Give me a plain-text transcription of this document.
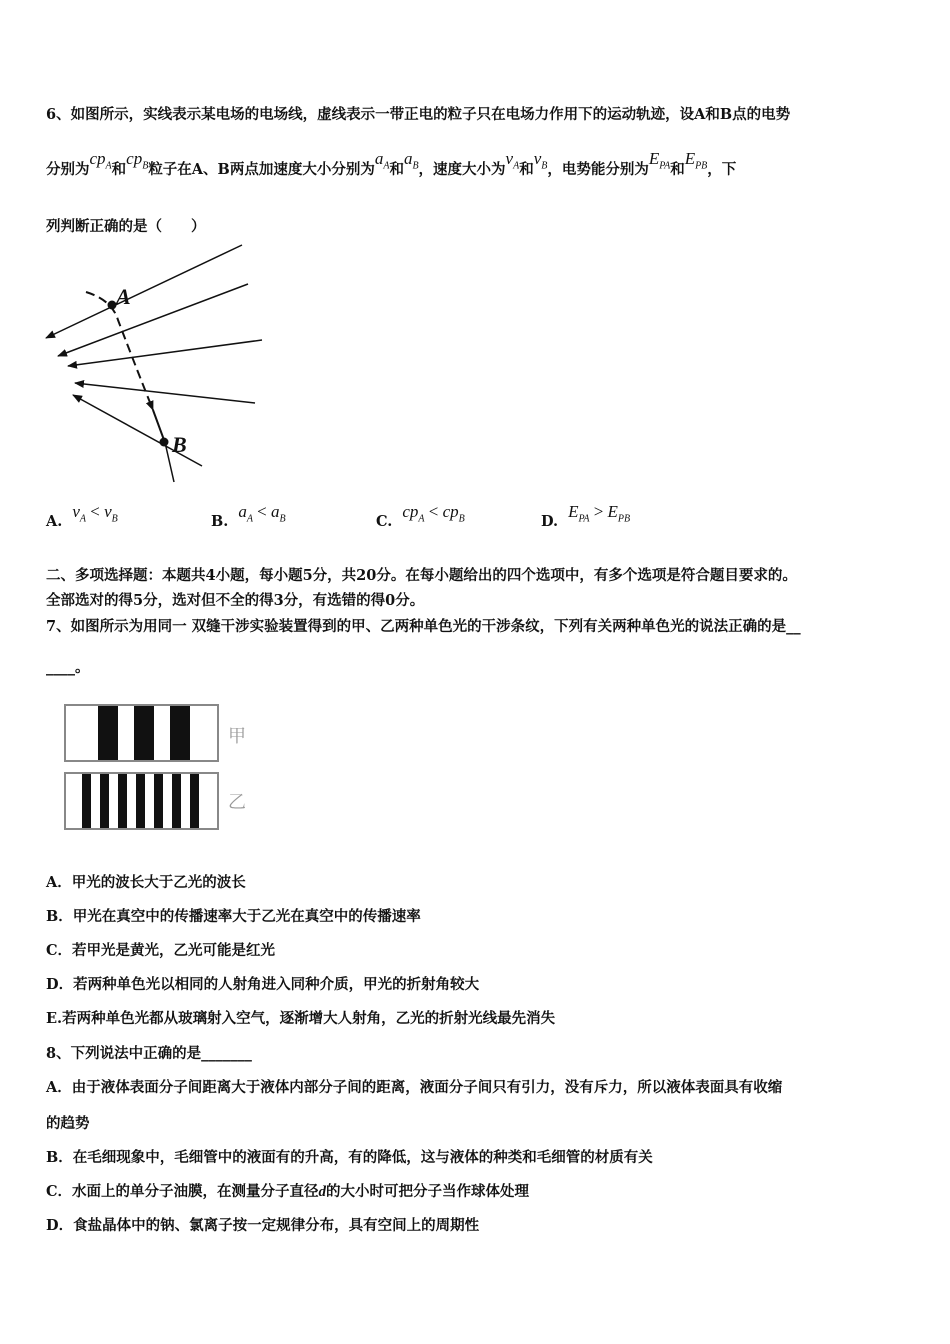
6、如图所示，实线表示某电场的电场线，虚线表示一带正电的粒子只在电场力作用下的运动轨迹，设A和B点的电势
分别为$cp_A$和$cp_B$粒子在A、B两点加速度大小分别为$a_A$和$a_B$，速度大小为$v_A$和$v_B$，电势能分别为$E_{PA}$和$E_{PB}$，下
列判断正确的是（　　）
A
B
$A.v_A < v_B$	$B.a_A < a_B$	$C.cp_A < cp_B$	$D.E_{PA} > E_{PB}$
二、多项选择题：本题共4小题，每小题5分，共20分。在每小题给出的四个选项中，有多个选项是符合题目要求的。
全部选对的得5分，选对但不全的得3分，有选错的得0分。
7、如图所示为用同一 双缝干涉实验装置得到的甲、乙两种单色光的干涉条纹，下列有关两种单色光的说法正确的是__
____。
甲
乙
A．甲光的波长大于乙光的波长
B．甲光在真空中的传播速率大于乙光在真空中的传播速率
C．若甲光是黄光，乙光可能是红光
D．若两种单色光以相同的人射角进入同种介质，甲光的折射角较大
E.若两种单色光都从玻璃射入空气，逐渐增大人射角，乙光的折射光线最先消失
8、下列说法中正确的是_______
A．由于液体表面分子间距离大于液体内部分子间的距离，液面分子间只有引力，没有斥力，所以液体表面具有收缩
的趋势
B．在毛细现象中，毛细管中的液面有的升高，有的降低，这与液体的种类和毛细管的材质有关
C．水面上的单分子油膜，在测量分子直径d的大小时可把分子当作球体处理
D．食盐晶体中的钠、氯离子按一定规律分布，具有空间上的周期性
